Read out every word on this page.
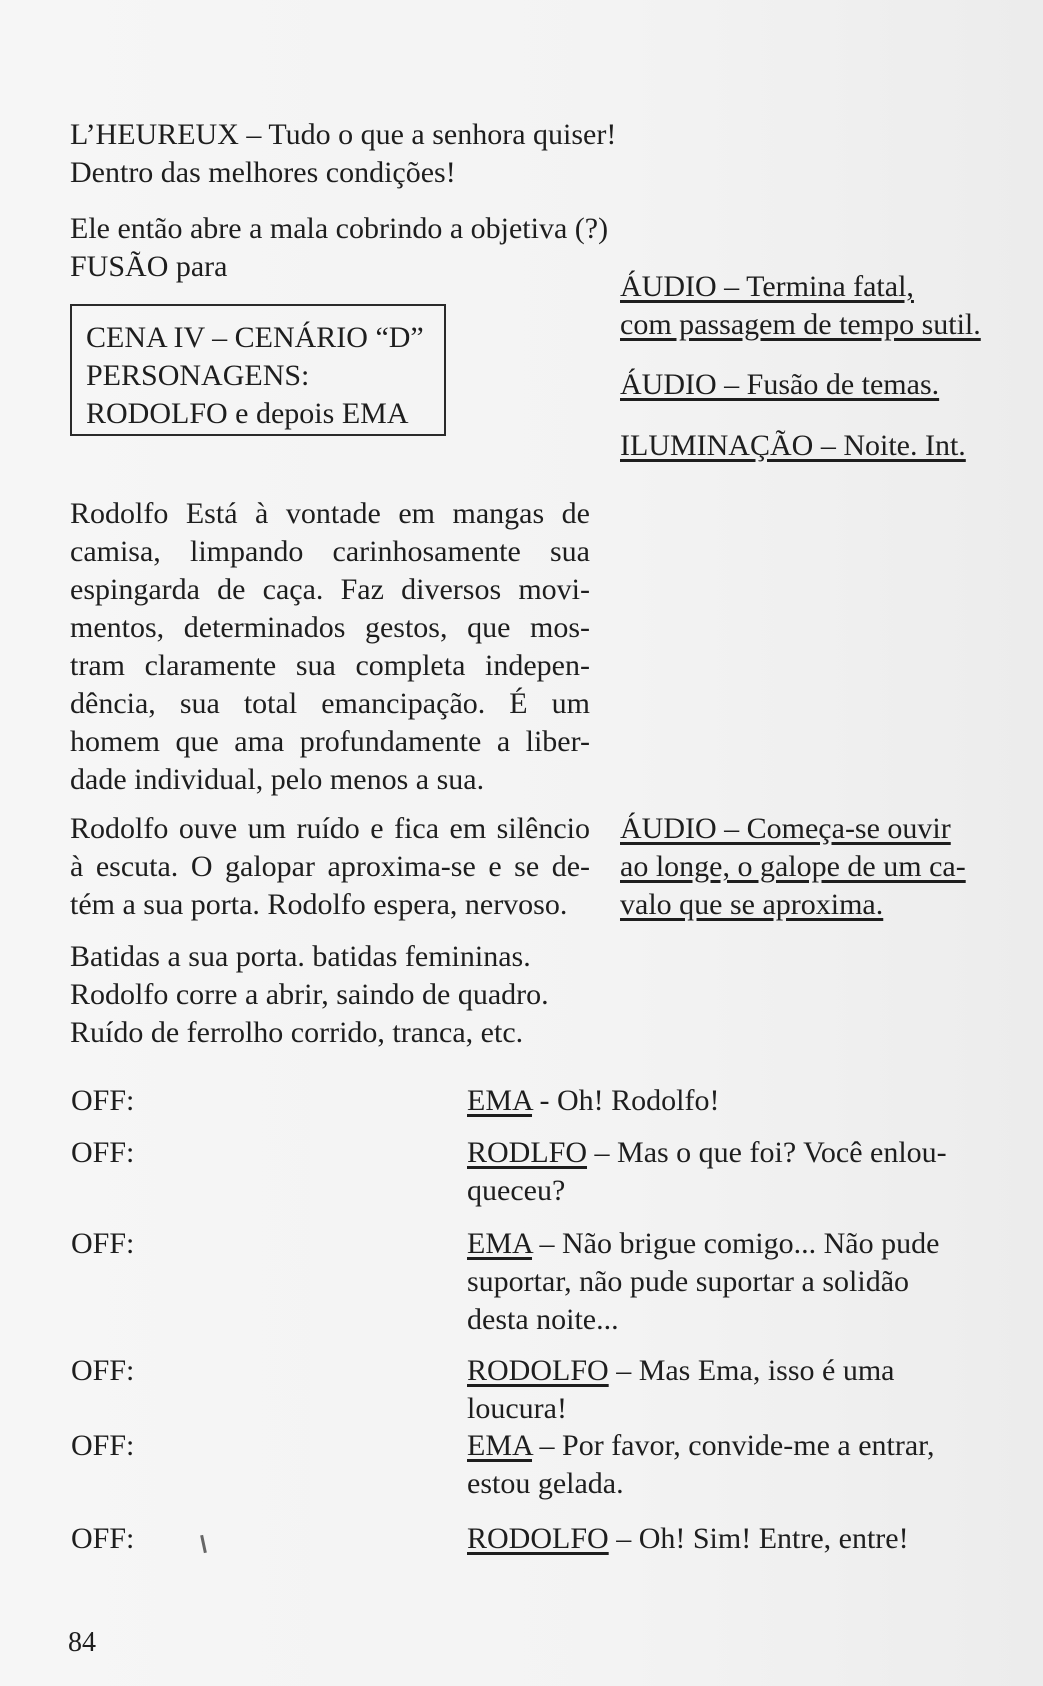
L’HEUREUX – Tudo o que a senhora quiser!
Dentro das melhores condições!
Ele então abre a mala cobrindo a objetiva (?)
FUSÃO para
CENA IV – CENÁRIO “D”
PERSONAGENS:
RODOLFO e depois EMA
ÁUDIO – Termina fatal,
com passagem de tempo sutil.
ÁUDIO – Fusão de temas.
ILUMINAÇÃO – Noite. Int.
Rodolfo Está à vontade em mangas de
camisa, limpando carinhosamente sua
espingarda de caça. Faz diversos movi-
mentos, determinados gestos, que mos-
tram claramente sua completa indepen-
dência, sua total emancipação. É um
homem que ama profundamente a liber-
dade individual, pelo menos a sua.
Rodolfo ouve um ruído e fica em silêncio
à escuta. O galopar aproxima-se e se de-
tém a sua porta. Rodolfo espera, nervoso.
ÁUDIO – Começa-se ouvir
ao longe, o galope de um ca-
valo que se aproxima.
Batidas a sua porta. batidas femininas.
Rodolfo corre a abrir, saindo de quadro.
Ruído de ferrolho corrido, tranca, etc.
OFF:	EMA - Oh! Rodolfo!
OFF:	RODLFO – Mas o que foi? Você enlou-
queceu?
OFF:	EMA – Não brigue comigo... Não pude
suportar, não pude suportar a solidão
desta noite...
OFF:	RODOLFO – Mas Ema, isso é uma
loucura!
OFF:	EMA – Por favor, convide-me a entrar,
estou gelada.
OFF:	RODOLFO – Oh! Sim! Entre, entre!
84
